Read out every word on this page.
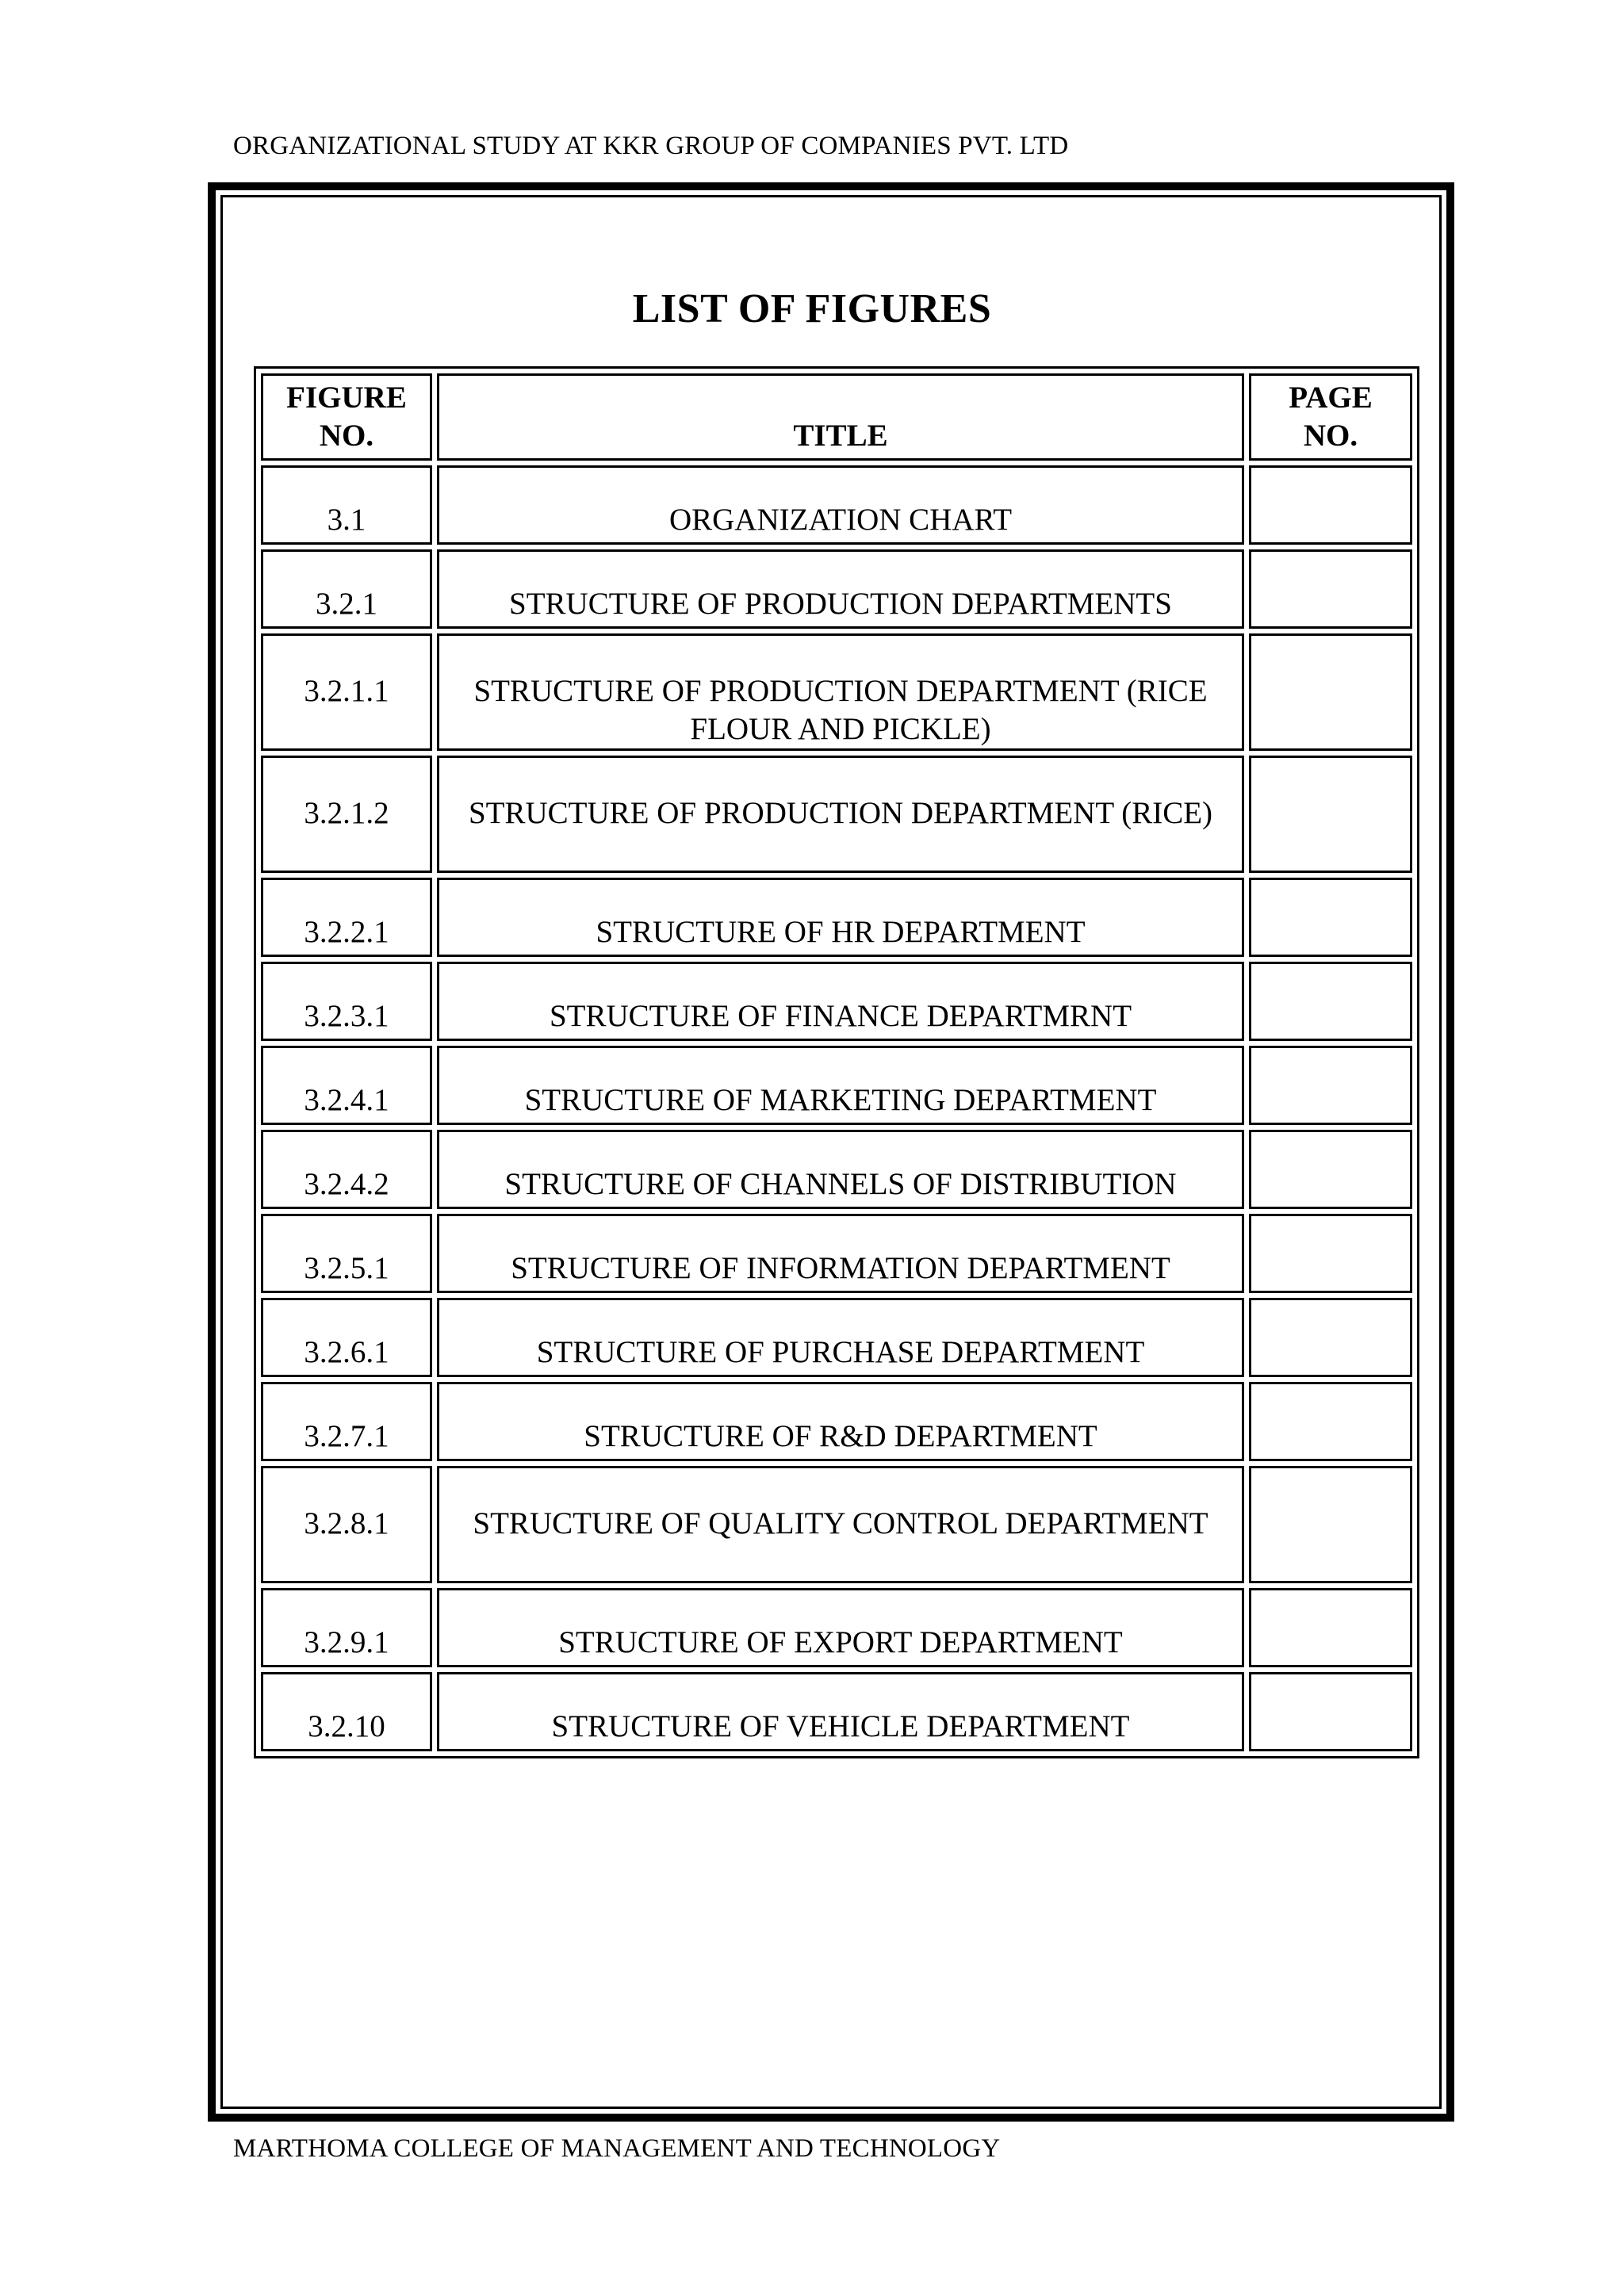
ORGANIZATIONAL STUDY AT KKR GROUP OF COMPANIES PVT. LTD
LIST OF FIGURES
FIGURE NO.	TITLE	PAGE NO.
3.1	ORGANIZATION CHART	
3.2.1	STRUCTURE OF PRODUCTION DEPARTMENTS	
3.2.1.1	STRUCTURE OF PRODUCTION DEPARTMENT (RICE FLOUR AND PICKLE)	
3.2.1.2	STRUCTURE OF PRODUCTION DEPARTMENT (RICE)	
3.2.2.1	STRUCTURE OF HR DEPARTMENT	
3.2.3.1	STRUCTURE OF FINANCE DEPARTMRNT	
3.2.4.1	STRUCTURE OF MARKETING DEPARTMENT	
3.2.4.2	STRUCTURE OF CHANNELS OF DISTRIBUTION	
3.2.5.1	STRUCTURE OF INFORMATION DEPARTMENT	
3.2.6.1	STRUCTURE OF PURCHASE DEPARTMENT	
3.2.7.1	STRUCTURE OF R&D DEPARTMENT	
3.2.8.1	STRUCTURE OF QUALITY CONTROL DEPARTMENT	
3.2.9.1	STRUCTURE OF EXPORT DEPARTMENT	
3.2.10	STRUCTURE OF VEHICLE DEPARTMENT	
MARTHOMA COLLEGE OF MANAGEMENT AND TECHNOLOGY
